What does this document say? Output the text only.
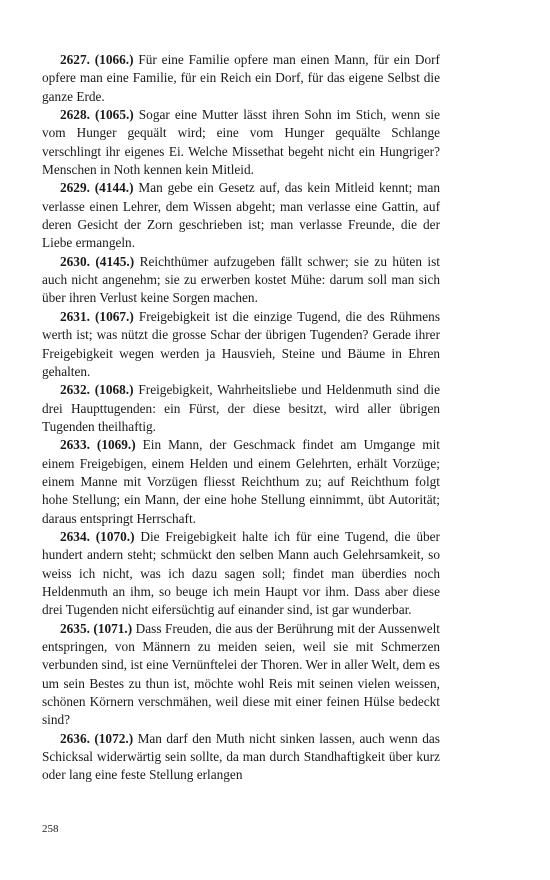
2627. (1066.) Für eine Familie opfere man einen Mann, für ein Dorf opfere man eine Familie, für ein Reich ein Dorf, für das eigene Selbst die ganze Erde.

2628. (1065.) Sogar eine Mutter lässt ihren Sohn im Stich, wenn sie vom Hunger gequält wird; eine vom Hunger gequälte Schlange verschlingt ihr eigenes Ei. Welche Missethat begeht nicht ein Hungriger? Menschen in Noth kennen kein Mitleid.

2629. (4144.) Man gebe ein Gesetz auf, das kein Mitleid kennt; man verlasse einen Lehrer, dem Wissen abgeht; man verlasse eine Gattin, auf deren Gesicht der Zorn geschrieben ist; man verlasse Freunde, die der Liebe ermangeln.

2630. (4145.) Reichthümer aufzugeben fällt schwer; sie zu hüten ist auch nicht angenehm; sie zu erwerben kostet Mühe: darum soll man sich über ihren Verlust keine Sorgen machen.

2631. (1067.) Freigebigkeit ist die einzige Tugend, die des Rühmens werth ist; was nützt die grosse Schar der übrigen Tugenden? Gerade ihrer Freigebigkeit wegen werden ja Hausvieh, Steine und Bäume in Ehren gehalten.

2632. (1068.) Freigebigkeit, Wahrheitsliebe und Heldenmuth sind die drei Haupttugenden: ein Fürst, der diese besitzt, wird aller übrigen Tugenden theilhaftig.

2633. (1069.) Ein Mann, der Geschmack findet am Umgange mit einem Freigebigen, einem Helden und einem Gelehrten, erhält Vorzüge; einem Manne mit Vorzügen fliesst Reichthum zu; auf Reichthum folgt hohe Stellung; ein Mann, der eine hohe Stellung einnimmt, übt Autorität; daraus entspringt Herrschaft.

2634. (1070.) Die Freigebigkeit halte ich für eine Tugend, die über hundert andern steht; schmückt den selben Mann auch Gelehrsamkeit, so weiss ich nicht, was ich dazu sagen soll; findet man überdies noch Heldenmuth an ihm, so beuge ich mein Haupt vor ihm. Dass aber diese drei Tugenden nicht eifersüchtig auf einander sind, ist gar wunderbar.

2635. (1071.) Dass Freuden, die aus der Berührung mit der Aussenwelt entspringen, von Männern zu meiden seien, weil sie mit Schmerzen verbunden sind, ist eine Vernünftelei der Thoren. Wer in aller Welt, dem es um sein Bestes zu thun ist, möchte wohl Reis mit seinen vielen weissen, schönen Körnern verschmähen, weil diese mit einer feinen Hülse bedeckt sind?

2636. (1072.) Man darf den Muth nicht sinken lassen, auch wenn das Schicksal widerwärtig sein sollte, da man durch Standhaftigkeit über kurz oder lang eine feste Stellung erlangen

258
